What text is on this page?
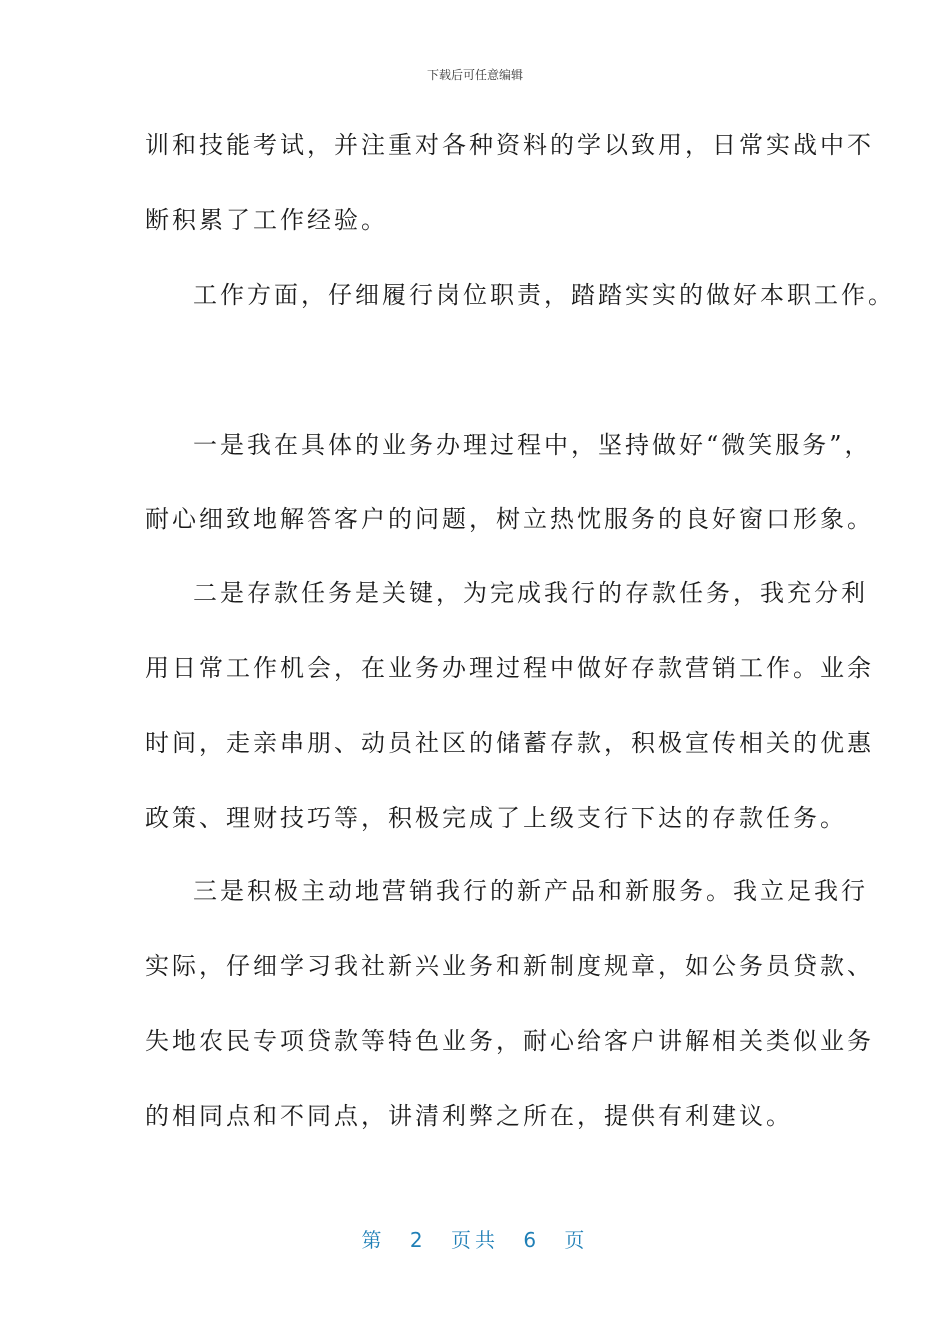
下载后可任意编辑
训和技能考试，并注重对各种资料的学以致用，日常实战中不
断积累了工作经验。
工作方面，仔细履行岗位职责，踏踏实实的做好本职工作。
一是我在具体的业务办理过程中，坚持做好“微笑服务”，
耐心细致地解答客户的问题，树立热忱服务的良好窗口形象。
二是存款任务是关键，为完成我行的存款任务，我充分利
用日常工作机会，在业务办理过程中做好存款营销工作。业余
时间，走亲串朋、动员社区的储蓄存款，积极宣传相关的优惠
政策、理财技巧等，积极完成了上级支行下达的存款任务。
三是积极主动地营销我行的新产品和新服务。我立足我行
实际，仔细学习我社新兴业务和新制度规章，如公务员贷款、
失地农民专项贷款等特色业务，耐心给客户讲解相关类似业务
的相同点和不同点，讲清利弊之所在，提供有利建议。
第 2 页共 6 页
